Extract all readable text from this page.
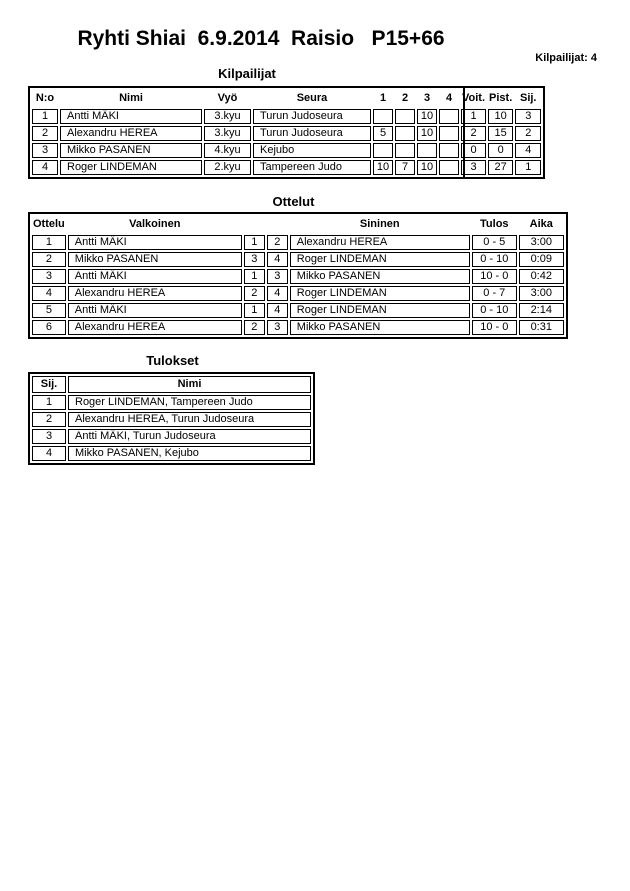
Ryhti Shiai  6.9.2014  Raisio   P15+66
Kilpailijat: 4
Kilpailijat
N:o	Nimi	Vyö	Seura	1	2	3	4	Voit.	Pist.	Sij.
1	Antti MÄKI	3.kyu	Turun Judoseura			10		1	10	3
2	Alexandru HEREA	3.kyu	Turun Judoseura	5		10		2	15	2
3	Mikko PASANEN	4.kyu	Kejubo					0	0	4
4	Roger LINDEMAN	2.kyu	Tampereen Judo	10	7	10		3	27	1
Ottelut
Ottelu	Valkoinen			Sininen	Tulos	Aika
1	Antti MÄKI	1	2	Alexandru HEREA	0 - 5	3:00
2	Mikko PASANEN	3	4	Roger LINDEMAN	0 - 10	0:09
3	Antti MÄKI	1	3	Mikko PASANEN	10 - 0	0:42
4	Alexandru HEREA	2	4	Roger LINDEMAN	0 - 7	3:00
5	Antti MÄKI	1	4	Roger LINDEMAN	0 - 10	2:14
6	Alexandru HEREA	2	3	Mikko PASANEN	10 - 0	0:31
Tulokset
Sij.	Nimi
1	Roger LINDEMAN, Tampereen Judo
2	Alexandru HEREA, Turun Judoseura
3	Antti MÄKI, Turun Judoseura
4	Mikko PASANEN, Kejubo
